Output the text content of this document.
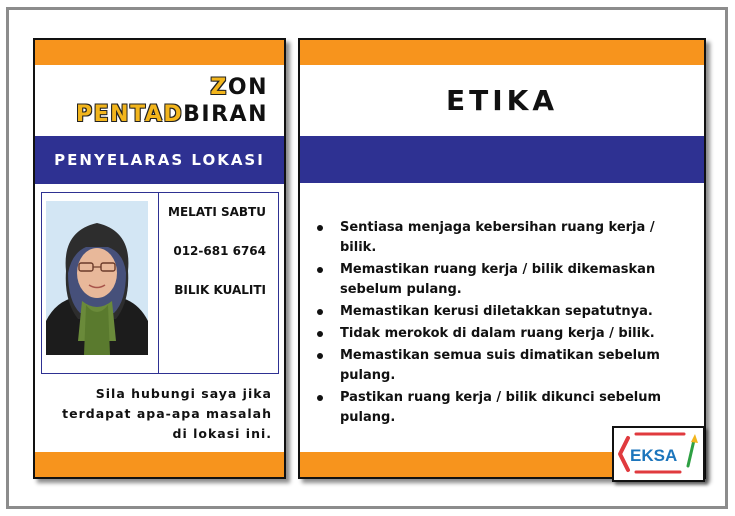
ZON
PENTADBIRAN
PENYELARAS LOKASI
MELATI SABTU
012-681 6764
BILIK KUALITI
Sila hubungi saya jika
terdapat apa-apa masalah
di lokasi ini.
ETIKA
Sentiasa menjaga kebersihan ruang kerja / bilik.
Memastikan ruang kerja / bilik dikemaskan
sebelum pulang.
Memastikan kerusi diletakkan sepatutnya.
Tidak merokok di dalam ruang kerja / bilik.
Memastikan semua suis dimatikan sebelum
pulang.
Pastikan ruang kerja / bilik dikunci sebelum
pulang.
EKSA
